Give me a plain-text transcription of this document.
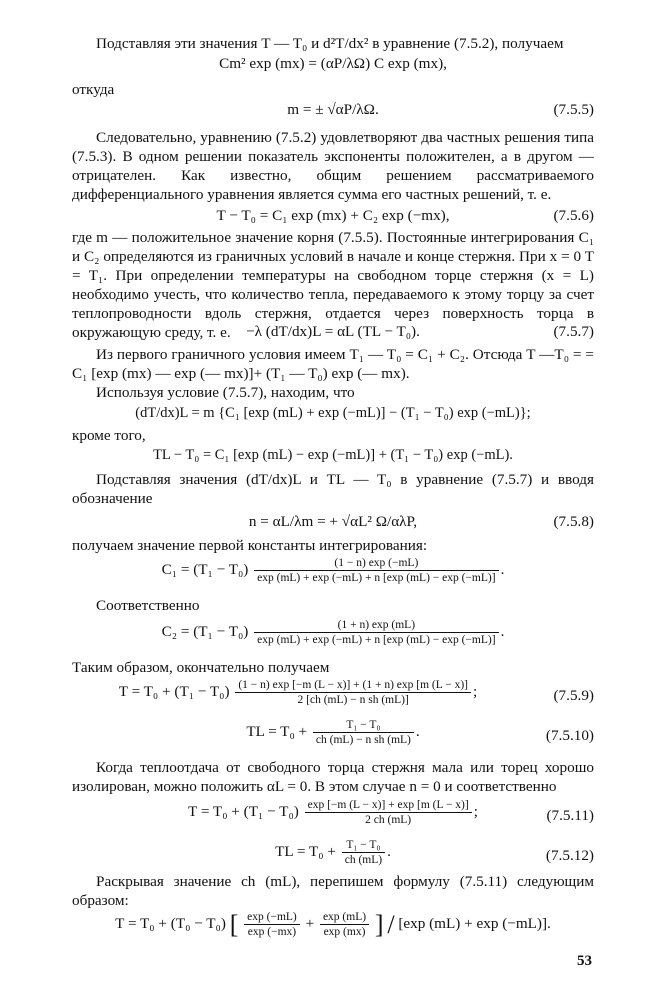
Подставляя эти значения T — T₀ и d²T/dx² в уравнение (7.5.2), получаем

Cm² exp (mx) = (αP/λΩ) C exp (mx),

откуда

m = ± √αP/λΩ.	(7.5.5)

Следовательно, уравнению (7.5.2) удовлетворяют два частных решения типа (7.5.3). В одном решении показатель экспоненты положителен, а в другом — отрицателен. Как известно, общим решением рассматриваемого дифференциального уравнения является сумма его частных решений, т. е.

T − T₀ = C₁ exp (mx) + C₂ exp (−mx),	(7.5.6)

где m — положительное значение корня (7.5.5). Постоянные интегрирования C₁ и C₂ определяются из граничных условий в начале и конце стержня. При x = 0 T = T₁. При определении температуры на свободном торце стержня (x = L) необходимо учесть, что количество тепла, передаваемого к этому торцу за счет теплопроводности вдоль стержня, отдается через поверхность торца в окружающую среду, т. е.	−λ (dT/dx)L = αL (TL − T₀).	(7.5.7)

Из первого граничного условия имеем T₁ — T₀ = C₁ + C₂. Отсюда T —T₀ = = C₁ [exp (mx) — exp (— mx)]+ (T₁ — T₀) exp (— mx).

Используя условие (7.5.7), находим, что

(dT/dx)L = m {C₁ [exp (mL) + exp (−mL)] − (T₁ − T₀) exp (−mL)};

кроме того,

TL − T₀ = C₁ [exp (mL) − exp (−mL)] + (T₁ − T₀) exp (−mL).

Подставляя значения (dT/dx)L и TL — T₀ в уравнение (7.5.7) и вводя обозначение

n = αL/λm = + √αL² Ω/αλP,	(7.5.8)

получаем значение первой константы интегрирования:

$C_1 = (T_1 - T_0) \frac{(1 - n) \exp (-mL)}{\exp (mL) + \exp (-mL) + n [\exp (mL) - \exp (-mL)]}$ .

Соответственно

$C_2 = (T_1 - T_0) \frac{(1 + n) \exp (mL)}{\exp (mL) + \exp (-mL) + n [\exp (mL) - \exp (-mL)]}$ .

Таким образом, окончательно получаем

$T = T_0 + (T_1 - T_0) \frac{(1 - n) \exp [-m (L - x)] + (1 + n) \exp [m (L - x)]}{\text{2 [ch (mL) − n sh (mL)]}}$ ;	(7.5.9)
TL = $T_0 + \frac{\text{T₁ − T₀}}{\text{ch (mL) − n sh (mL)}}$ .	(7.5.10)

Когда теплоотдача от свободного торца стержня мала или торец хорошо изолирован, можно положить αL = 0. В этом случае n = 0 и соответственно

$T = T_0 + (T_1 - T_0) \frac{\exp [-m (L - x)] + \exp [m (L - x)]}{2 ch (mL)}$ ;	(7.5.11)
TL = $T_0 + \frac{\text{T₁ − T₀}}{ch (mL)}$ .	(7.5.12)

Раскрывая значение ch (mL), перепишем формулу (7.5.11) следующим образом:

T = T₀ + (T₀ − T₀) [ $\frac{\exp (-mL)}{\exp (-mx)} + \frac{\exp (mL)}{\exp (mx)}$ ] / [exp (mL) + exp (−mL)].
53
